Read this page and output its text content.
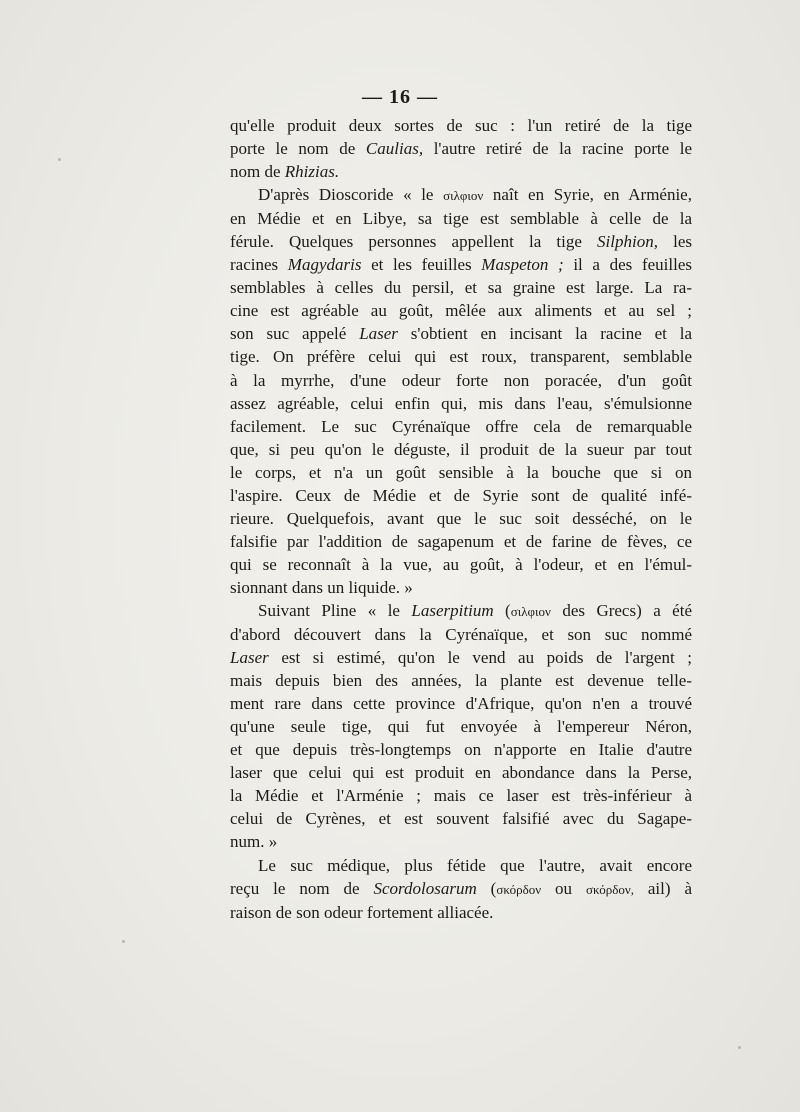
— 16 —

qu'elle produit deux sortes de suc : l'un retiré de la tige
porte le nom de Caulias, l'autre retiré de la racine porte le
nom de Rhizias.

D'après Dioscoride « le σιλφιον naît en Syrie, en Arménie,
en Médie et en Libye, sa tige est semblable à celle de la
férule. Quelques personnes appellent la tige Silphion, les
racines Magydaris et les feuilles Maspeton ; il a des feuilles
semblables à celles du persil, et sa graine est large. La ra-
cine est agréable au goût, mêlée aux aliments et au sel ;
son suc appelé Laser s'obtient en incisant la racine et la
tige. On préfère celui qui est roux, transparent, semblable
à la myrrhe, d'une odeur forte non poracée, d'un goût
assez agréable, celui enfin qui, mis dans l'eau, s'émulsionne
facilement. Le suc Cyrénaïque offre cela de remarquable
que, si peu qu'on le déguste, il produit de la sueur par tout
le corps, et n'a un goût sensible à la bouche que si on
l'aspire. Ceux de Médie et de Syrie sont de qualité infé-
rieure. Quelquefois, avant que le suc soit desséché, on le
falsifie par l'addition de sagapenum et de farine de fèves, ce
qui se reconnaît à la vue, au goût, à l'odeur, et en l'émul-
sionnant dans un liquide. »

Suivant Pline « le Laserpitium (σιλφιον des Grecs) a été
d'abord découvert dans la Cyrénaïque, et son suc nommé
Laser est si estimé, qu'on le vend au poids de l'argent ;
mais depuis bien des années, la plante est devenue telle-
ment rare dans cette province d'Afrique, qu'on n'en a trouvé
qu'une seule tige, qui fut envoyée à l'empereur Néron,
et que depuis très-longtemps on n'apporte en Italie d'autre
laser que celui qui est produit en abondance dans la Perse,
la Médie et l'Arménie ; mais ce laser est très-inférieur à
celui de Cyrènes, et est souvent falsifié avec du Sagape-
num. »

Le suc médique, plus fétide que l'autre, avait encore
reçu le nom de Scordolosarum (σκόρδον ou σκόρδον, ail) à
raison de son odeur fortement alliacée.
